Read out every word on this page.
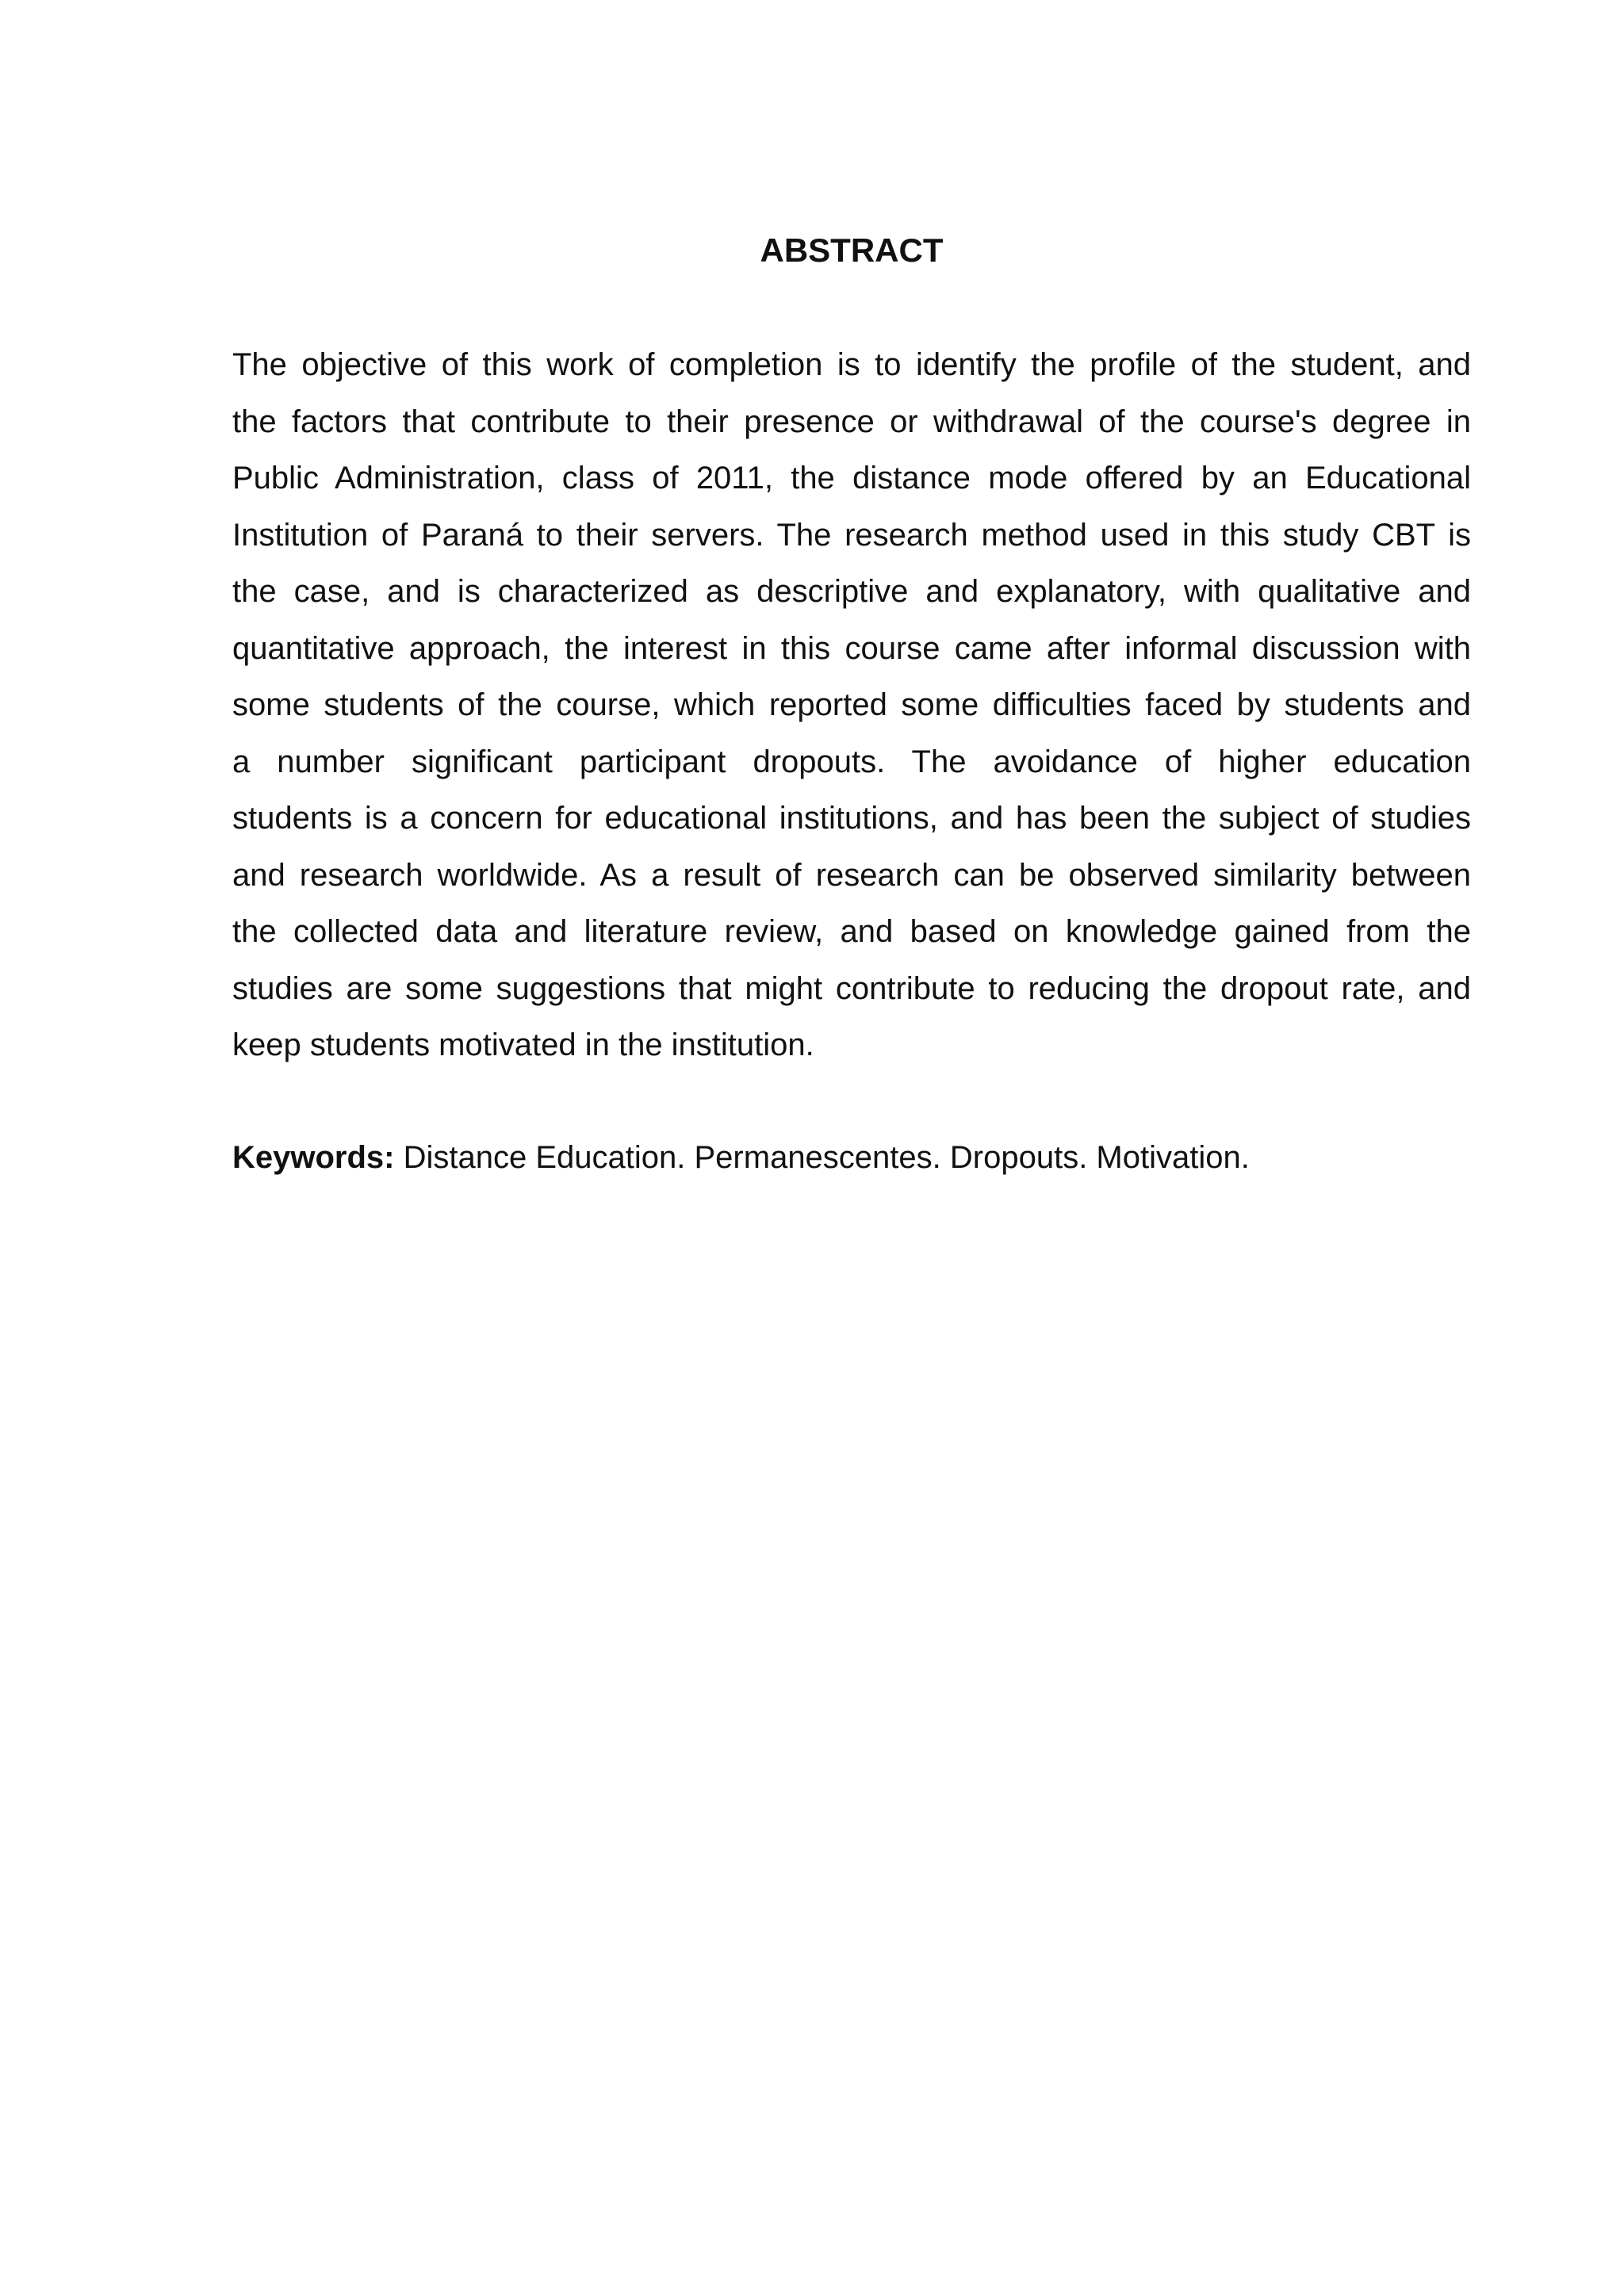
ABSTRACT
The objective of this work of completion is to identify the profile of the student, and
the factors that contribute to their presence or withdrawal of the course's degree in
Public Administration, class of 2011, the distance mode offered by an Educational
Institution of Paraná to their servers. The research method used in this study CBT is
the case, and is characterized as descriptive and explanatory, with qualitative and
quantitative approach, the interest in this course came after informal discussion with
some students of the course, which reported some difficulties faced by students and
a number significant participant dropouts. The avoidance of higher education
students is a concern for educational institutions, and has been the subject of studies
and research worldwide. As a result of research can be observed similarity between
the collected data and literature review, and based on knowledge gained from the
studies are some suggestions that might contribute to reducing the dropout rate, and
keep students motivated in the institution.

Keywords: Distance Education. Permanescentes. Dropouts. Motivation.
